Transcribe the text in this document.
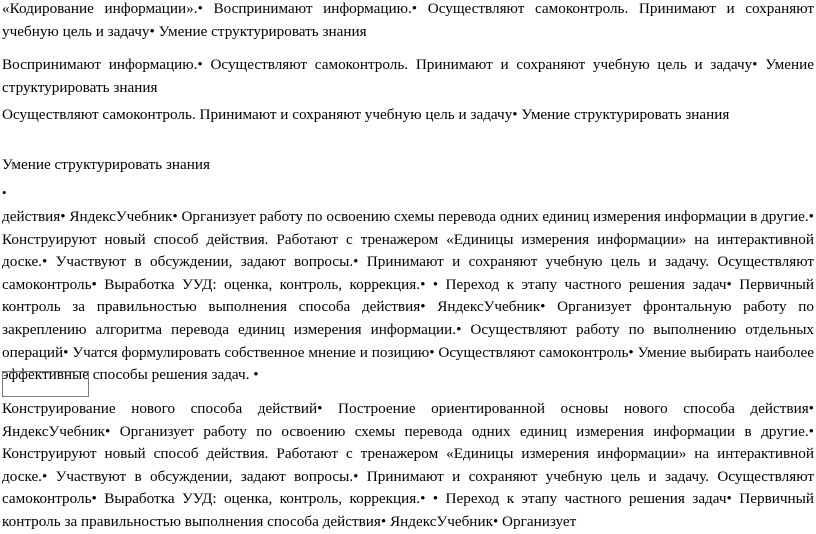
«Кодирование информации».• Воспринимают информацию.• Осуществляют самоконтроль. Принимают и сохраняют учебную цель и задачу• Умение структурировать знания

Воспринимают информацию.• Осуществляют самоконтроль. Принимают и сохраняют учебную цель и задачу• Умение структурировать знания

Осуществляют самоконтроль. Принимают и сохраняют учебную цель и задачу• Умение структурировать знания

Умение структурировать знания

•

действия• ЯндексУчебник• Организует работу по освоению схемы перевода одних единиц измерения информации в другие.• Конструируют новый способ действия. Работают с тренажером «Единицы измерения информации» на интерактивной доске.• Участвуют в обсуждении, задают вопросы.• Принимают и сохраняют учебную цель и задачу. Осуществляют самоконтроль• Выработка УУД: оценка, контроль, коррекция.• • Переход к этапу частного решения задач• Первичный контроль за правильностью выполнения способа действия• ЯндексУчебник• Организует фронтальную работу по закреплению алгоритма перевода единиц измерения информации.• Осуществляют работу по выполнению отдельных операций• Учатся формулировать собственное мнение и позицию• Осуществляют самоконтроль• Умение выбирать наиболее эффективные способы решения задач. •

Конструирование нового способа действий• Построение ориентированной основы нового способа действия• ЯндексУчебник• Организует работу по освоению схемы перевода одних единиц измерения информации в другие.• Конструируют новый способ действия. Работают с тренажером «Единицы измерения информации» на интерактивной доске.• Участвуют в обсуждении, задают вопросы.• Принимают и сохраняют учебную цель и задачу. Осуществляют самоконтроль• Выработка УУД: оценка, контроль, коррекция.• • Переход к этапу частного решения задач• Первичный контроль за правильностью выполнения способа действия• ЯндексУчебник• Организует
